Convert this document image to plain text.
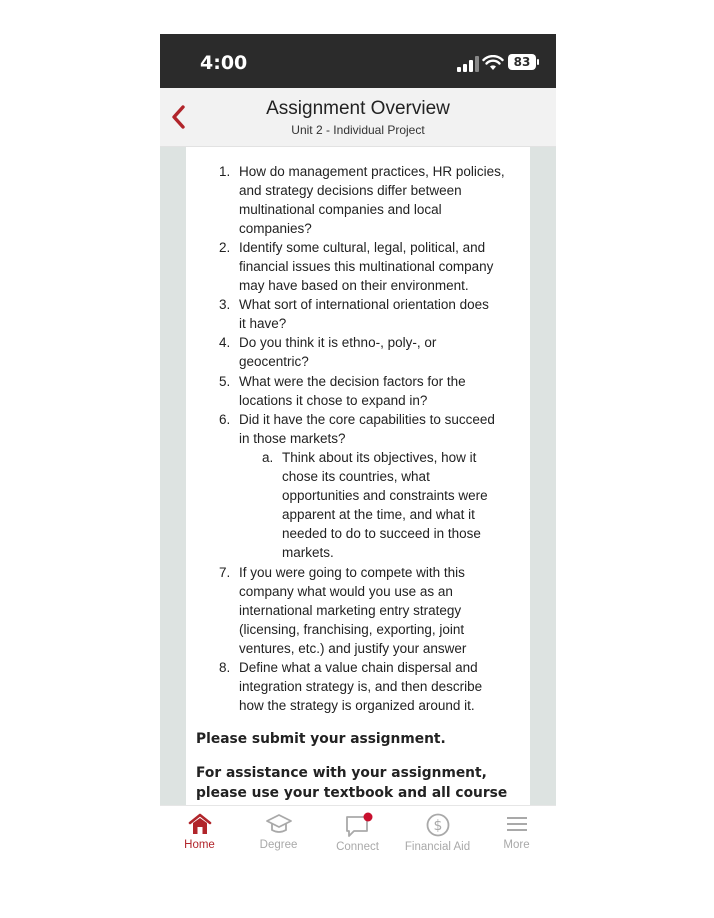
4:00	83
Assignment Overview
Unit 2 - Individual Project
1. How do management practices, HR policies,
and strategy decisions differ between
multinational companies and local
companies?
2. Identify some cultural, legal, political, and
financial issues this multinational company
may have based on their environment.
3. What sort of international orientation does
it have?
4. Do you think it is ethno-, poly-, or
geocentric?
5. What were the decision factors for the
locations it chose to expand in?
6. Did it have the core capabilities to succeed
in those markets?
a. Think about its objectives, how it
chose its countries, what
opportunities and constraints were
apparent at the time, and what it
needed to do to succeed in those
markets.
7. If you were going to compete with this
company what would you use as an
international marketing entry strategy
(licensing, franchising, exporting, joint
ventures, etc.) and justify your answer
8. Define what a value chain dispersal and
integration strategy is, and then describe
how the strategy is organized around it.
Please submit your assignment.
For assistance with your assignment,
please use your textbook and all course
Home	Degree	Connect
$
Financial Aid	More
